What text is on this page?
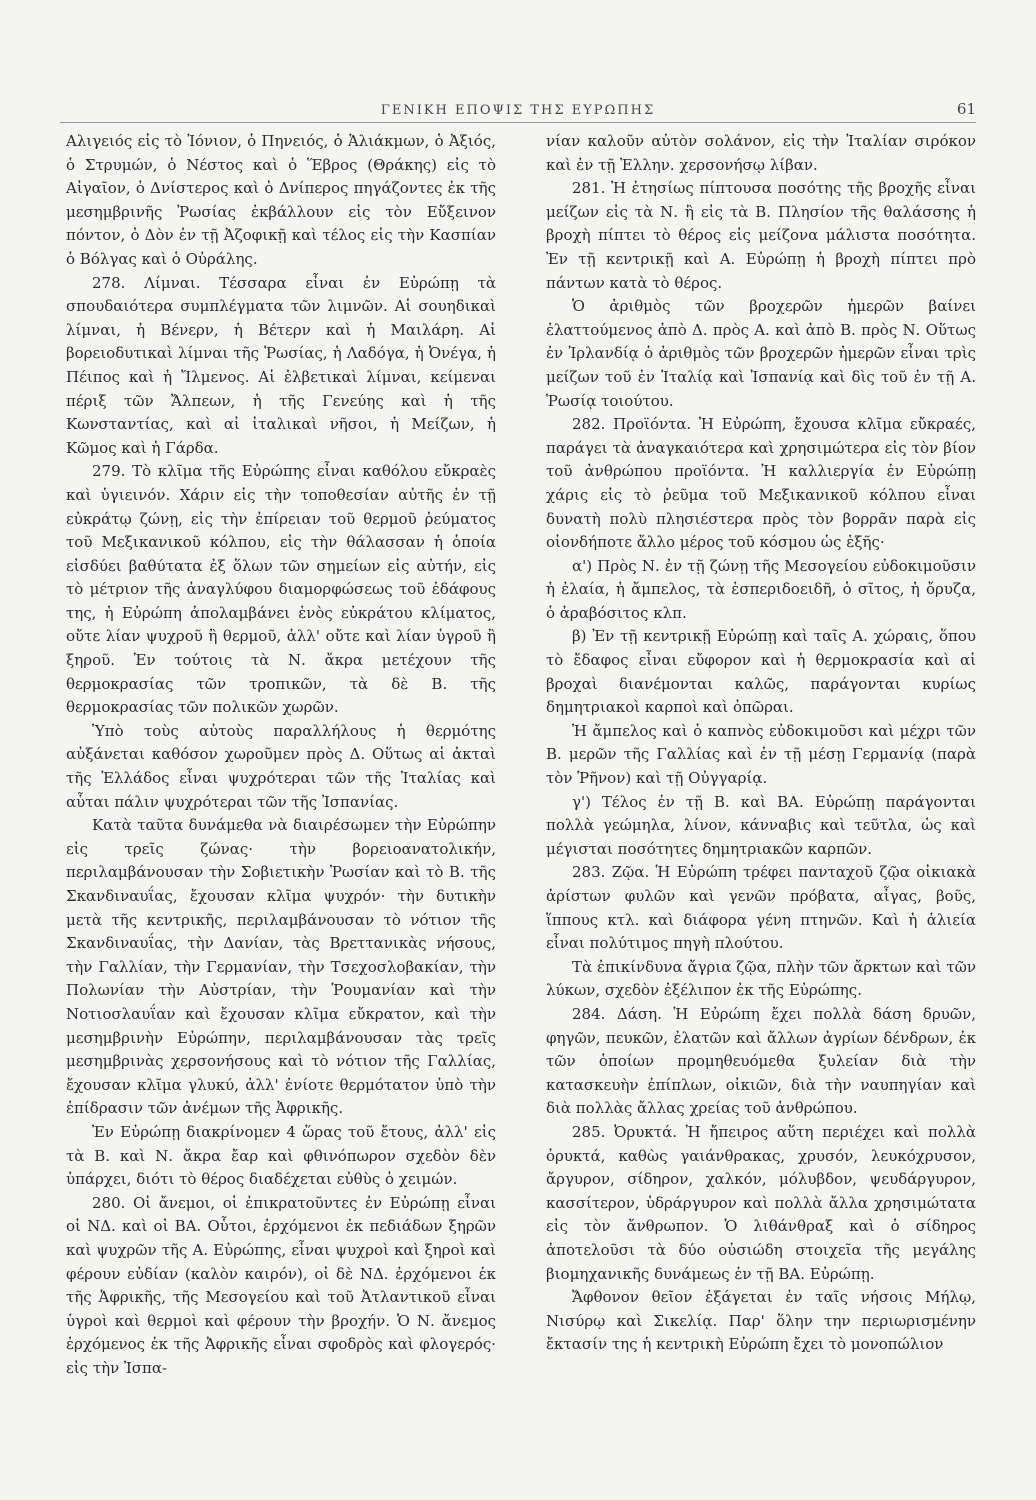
ΓΕΝΙΚΗ ΕΠΟΨΙΣ ΤΗΣ ΕΥΡΩΠΗΣ	61

Αλιγειός εἰς τὸ Ἰόνιον, ὁ Πηνειός, ὁ Ἁλιάκμων, ὁ Ἀξιός, ὁ Στρυμών, ὁ Νέστος καὶ ὁ Ἕβρος (Θράκης) εἰς τὸ Αἰγαῖον, ὁ Δνίστερος καὶ ὁ Δνίπερος πηγάζοντες ἐκ τῆς μεσημβρινῆς Ῥωσίας ἐκβάλλουν εἰς τὸν Εὔξεινον πόντον, ὁ Δὸν ἐν τῇ Ἀζοφικῇ καὶ τέλος εἰς τὴν Κασπίαν ὁ Βόλγας καὶ ὁ Οὐράλης.

278. Λίμναι. Τέσσαρα εἶναι ἐν Εὐρώπῃ τὰ σπουδαιότερα συμπλέγματα τῶν λιμνῶν. Αἱ σουηδικαὶ λίμναι, ἡ Βένερν, ἡ Βέτερν καὶ ἡ Μαιλάρη. Αἱ βορειοδυτικαὶ λίμναι τῆς Ῥωσίας, ἡ Λαδόγα, ἡ Ὀνέγα, ἡ Πέιπος καὶ ἡ Ἴλμενος. Αἱ ἑλβετικαὶ λίμναι, κείμεναι πέριξ τῶν Ἄλπεων, ἡ τῆς Γενεύης καὶ ἡ τῆς Κωνσταντίας, καὶ αἱ ἰταλικαὶ νῆσοι, ἡ Μείζων, ἡ Κῶμος καὶ ἡ Γάρδα.

279. Τὸ κλῖμα τῆς Εὐρώπης εἶναι καθόλου εὔκραὲς καὶ ὑγιεινόν. Χάριν εἰς τὴν τοποθεσίαν αὐτῆς ἐν τῇ εὐκράτῳ ζώνῃ, εἰς τὴν ἐπίρειαν τοῦ θερμοῦ ῥεύματος τοῦ Μεξικανικοῦ κόλπου, εἰς τὴν θάλασσαν ἡ ὁποία εἰσδύει βαθύτατα ἐξ ὅλων τῶν σημείων εἰς αὐτήν, εἰς τὸ μέτριον τῆς ἀναγλύφου διαμορφώσεως τοῦ ἐδάφους της, ἡ Εὐρώπη ἀπολαμβάνει ἑνὸς εὐκράτου κλίματος, οὔτε λίαν ψυχροῦ ἢ θερμοῦ, ἀλλ' οὔτε καὶ λίαν ὑγροῦ ἢ ξηροῦ. Ἐν τούτοις τὰ Ν. ἄκρα μετέχουν τῆς θερμοκρασίας τῶν τροπικῶν, τὰ δὲ Β. τῆς θερμοκρασίας τῶν πολικῶν χωρῶν.

Ὑπὸ τοὺς αὐτοὺς παραλλήλους ἡ θερμότης αὐξάνεται καθόσον χωροῦμεν πρὸς Δ. Οὕτως αἱ ἀκταὶ τῆς Ἑλλάδος εἶναι ψυχρότεραι τῶν τῆς Ἰταλίας καὶ αὗται πάλιν ψυχρότεραι τῶν τῆς Ἰσπανίας.

Κατὰ ταῦτα δυνάμεθα νὰ διαιρέσωμεν τὴν Εὐρώπην εἰς τρεῖς ζώνας· τὴν βορειοανατολικήν, περιλαμβάνουσαν τὴν Σοβιετικὴν Ῥωσίαν καὶ τὸ Β. τῆς Σκανδιναυΐας, ἔχουσαν κλῖμα ψυχρόν· τὴν δυτικὴν μετὰ τῆς κεντρικῆς, περιλαμβάνουσαν τὸ νότιον τῆς Σκανδιναυΐας, τὴν Δανίαν, τὰς Βρεττανικὰς νήσους, τὴν Γαλλίαν, τὴν Γερμανίαν, τὴν Τσεχοσλοβακίαν, τὴν Πολωνίαν τὴν Αὐστρίαν, τὴν Ῥουμανίαν καὶ τὴν Νοτιοσλαυΐαν καὶ ἔχουσαν κλῖμα εὔκρατον, καὶ τὴν μεσημβρινὴν Εὐρώπην, περιλαμβάνουσαν τὰς τρεῖς μεσημβρινὰς χερσονήσους καὶ τὸ νότιον τῆς Γαλλίας, ἔχουσαν κλῖμα γλυκύ, ἀλλ' ἐνίοτε θερμότατον ὑπὸ τὴν ἐπίδρασιν τῶν ἀνέμων τῆς Ἀφρικῆς.

Ἐν Εὐρώπῃ διακρίνομεν 4 ὥρας τοῦ ἔτους, ἀλλ' εἰς τὰ Β. καὶ Ν. ἄκρα ἔαρ καὶ φθινόπωρον σχεδὸν δὲν ὑπάρχει, διότι τὸ θέρος διαδέχεται εὐθὺς ὁ χειμών.

280. Οἱ ἄνεμοι, οἱ ἐπικρατοῦντες ἐν Εὐρώπῃ εἶναι οἱ ΝΔ. καὶ οἱ ΒΑ. Οὗτοι, ἐρχόμενοι ἐκ πεδιάδων ξηρῶν καὶ ψυχρῶν τῆς Α. Εὐρώπης, εἶναι ψυχροὶ καὶ ξηροὶ καὶ φέρουν εὐδίαν (καλὸν καιρόν), οἱ δὲ ΝΔ. ἐρχόμενοι ἐκ τῆς Ἀφρικῆς, τῆς Μεσογείου καὶ τοῦ Ἀτλαντικοῦ εἶναι ὑγροὶ καὶ θερμοὶ καὶ φέρουν τὴν βροχήν. Ὁ Ν. ἄνεμος ἐρχόμενος ἐκ τῆς Ἀφρικῆς εἶναι σφοδρὸς καὶ φλογερός· εἰς τὴν Ἰσπα-

νίαν καλοῦν αὐτὸν σολάνον, εἰς τὴν Ἰταλίαν σιρόκον καὶ ἐν τῇ Ἑλλην. χερσονήσῳ λίβαν.

281. Ἡ ἐτησίως πίπτουσα ποσότης τῆς βροχῆς εἶναι μείζων εἰς τὰ Ν. ἢ εἰς τὰ Β. Πλησίον τῆς θαλάσσης ἡ βροχὴ πίπτει τὸ θέρος εἰς μείζονα μάλιστα ποσότητα. Ἐν τῇ κεντρικῇ καὶ Α. Εὐρώπῃ ἡ βροχὴ πίπτει πρὸ πάντων κατὰ τὸ θέρος.

Ὁ ἀριθμὸς τῶν βροχερῶν ἡμερῶν βαίνει ἐλαττούμενος ἀπὸ Δ. πρὸς Α. καὶ ἀπὸ Β. πρὸς Ν. Οὕτως ἐν Ἰρλανδίᾳ ὁ ἀριθμὸς τῶν βροχερῶν ἡμερῶν εἶναι τρὶς μείζων τοῦ ἐν Ἰταλίᾳ καὶ Ἰσπανίᾳ καὶ δὶς τοῦ ἐν τῇ Α. Ῥωσίᾳ τοιούτου.

282. Προϊόντα. Ἡ Εὐρώπη, ἔχουσα κλῖμα εὔκραές, παράγει τὰ ἀναγκαιότερα καὶ χρησιμώτερα εἰς τὸν βίον τοῦ ἀνθρώπου προϊόντα. Ἡ καλλιεργία ἐν Εὐρώπῃ χάρις εἰς τὸ ῥεῦμα τοῦ Μεξικανικοῦ κόλπου εἶναι δυνατὴ πολὺ πλησιέστερα πρὸς τὸν βορρᾶν παρὰ εἰς οἱονδήποτε ἄλλο μέρος τοῦ κόσμου ὡς ἑξῆς·

α') Πρὸς Ν. ἐν τῇ ζώνῃ τῆς Μεσογείου εὐδοκιμοῦσιν ἡ ἐλαία, ἡ ἄμπελος, τὰ ἑσπεριδοειδῆ, ὁ σῖτος, ἡ ὄρυζα, ὁ ἀραβόσιτος κλπ.

β) Ἐν τῇ κεντρικῇ Εὐρώπῃ καὶ ταῖς Α. χώραις, ὅπου τὸ ἔδαφος εἶναι εὔφορον καὶ ἡ θερμοκρασία καὶ αἱ βροχαὶ διανέμονται καλῶς, παράγονται κυρίως δημητριακοὶ καρποὶ καὶ ὀπῶραι.

Ἡ ἄμπελος καὶ ὁ καπνὸς εὐδοκιμοῦσι καὶ μέχρι τῶν Β. μερῶν τῆς Γαλλίας καὶ ἐν τῇ μέσῃ Γερμανίᾳ (παρὰ τὸν Ῥῆνον) καὶ τῇ Οὐγγαρίᾳ.

γ') Τέλος ἐν τῇ Β. καὶ ΒΑ. Εὐρώπῃ παράγονται πολλὰ γεώμηλα, λίνον, κάνναβις καὶ τεῦτλα, ὡς καὶ μέγισται ποσότητες δημητριακῶν καρπῶν.

283. Ζῷα. Ἡ Εὐρώπη τρέφει πανταχοῦ ζῷα οἰκιακὰ ἀρίστων φυλῶν καὶ γενῶν πρόβατα, αἶγας, βοῦς, ἵππους κτλ. καὶ διάφορα γένη πτηνῶν. Καὶ ἡ ἁλιεία εἶναι πολύτιμος πηγὴ πλούτου.

Τὰ ἐπικίνδυνα ἄγρια ζῷα, πλὴν τῶν ἄρκτων καὶ τῶν λύκων, σχεδὸν ἐξέλιπον ἐκ τῆς Εὐρώπης.

284. Δάση. Ἡ Εὐρώπη ἔχει πολλὰ δάση δρυῶν, φηγῶν, πευκῶν, ἐλατῶν καὶ ἄλλων ἀγρίων δένδρων, ἐκ τῶν ὁποίων προμηθευόμεθα ξυλείαν διὰ τὴν κατασκευὴν ἐπίπλων, οἰκιῶν, διὰ τὴν ναυπηγίαν καὶ διὰ πολλὰς ἄλλας χρείας τοῦ ἀνθρώπου.

285. Ὀρυκτά. Ἡ ἤπειρος αὕτη περιέχει καὶ πολλὰ ὀρυκτά, καθὼς γαιάνθρακας, χρυσόν, λευκόχρυσον, ἄργυρον, σίδηρον, χαλκόν, μόλυβδον, ψευδάργυρον, κασσίτερον, ὑδράργυρον καὶ πολλὰ ἄλλα χρησιμώτατα εἰς τὸν ἄνθρωπον. Ὁ λιθάνθραξ καὶ ὁ σίδηρος ἀποτελοῦσι τὰ δύο οὐσιώδη στοιχεῖα τῆς μεγάλης βιομηχανικῆς δυνάμεως ἐν τῇ ΒΑ. Εὐρώπῃ.

Ἄφθονον θεῖον ἐξάγεται ἐν ταῖς νήσοις Μήλῳ, Νισύρῳ καὶ Σικελίᾳ. Παρ' ὅλην την περιωρισμένην ἔκτασίν της ἡ κεντρικὴ Εὐρώπη ἔχει τὸ μονοπώλιον
